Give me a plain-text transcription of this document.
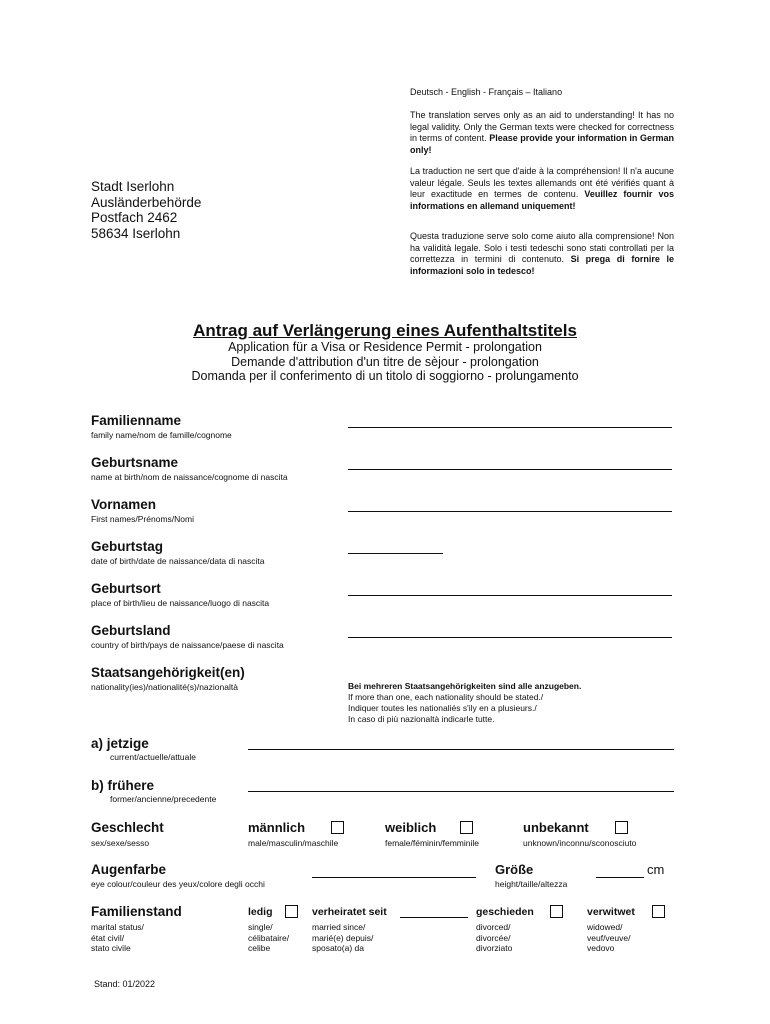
Deutsch - English - Français – Italiano
The translation serves only as an aid to understanding! It has no legal validity. Only the German texts were checked for correctness in terms of content. Please provide your information in German only!
La traduction ne sert que d'aide à la compréhension! Il n'a aucune valeur légale. Seuls les textes allemands ont été vérifiés quant à leur exactitude en termes de contenu. Veuillez fournir vos informations en allemand uniquement!
Questa traduzione serve solo come aiuto alla comprensione! Non ha validità legale. Solo i testi tedeschi sono stati controllati per la correttezza in termini di contenuto. Si prega di fornire le informazioni solo in tedesco!
Stadt Iserlohn
Ausländerbehörde
Postfach 2462
58634 Iserlohn
Antrag auf Verlängerung eines Aufenthaltstitels
Application für a Visa or Residence Permit - prolongation
Demande d'attribution d'un titre de sèjour - prolongation
Domanda per il conferimento di un titolo di soggiorno - prolungamento
Familienname
family name/nom de famille/cognome
Geburtsname
name at birth/nom de naissance/cognome di nascita
Vornamen
First names/Prénoms/Nomi
Geburtstag
date of birth/date de naissance/data di nascita
Geburtsort
place of birth/lieu de naissance/luogo di nascita
Geburtsland
country of birth/pays de naissance/paese di nascita
Staatsangehörigkeit(en)
nationality(ies)/nationalité(s)/nazionaltà	Bei mehreren Staatsangehörigkeiten sind alle anzugeben.
If more than one, each nationality should be stated./
Indiquer toutes les nationaliés s'ily en a plusieurs./
In caso di più nazionaltà indicarle tutte.
a) jetzige
current/actuelle/attuale
b) frühere
former/ancienne/precedente
Geschlecht
sex/sexe/sesso
männlich
male/masculin/maschile
weiblich
female/féminin/femminile
unbekannt
unknown/inconnu/sconosciuto
Augenfarbe
eye colour/couleur des yeux/colore degli occhi
Größe
height/taille/altezza
cm
Familienstand
marital status/
état civil/
stato civile
ledig
single/
célibataire/
celibe
verheiratet seit
married since/
marié(e) depuis/
sposato(a) da
geschieden
divorced/
divorcée/
divorziato
verwitwet
widowed/
veuf/veuve/
vedovo
Stand: 01/2022
